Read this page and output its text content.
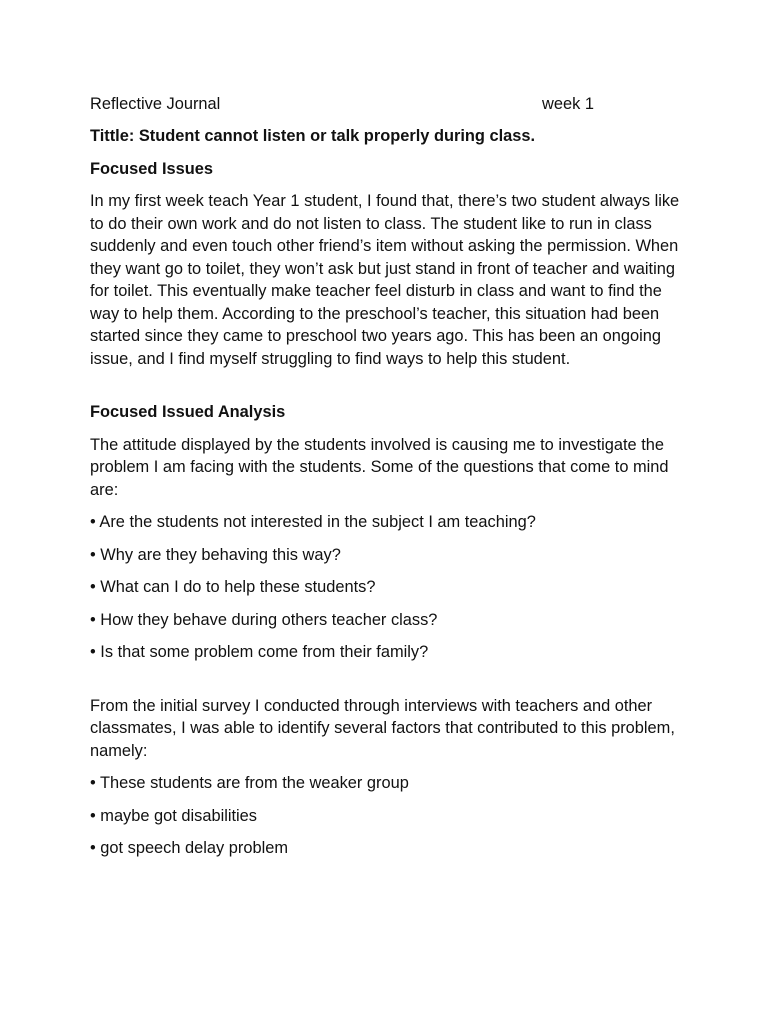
Reflective Journal	week 1
Tittle: Student cannot listen or talk properly during class.
Focused Issues

In my first week teach Year 1 student, I found that, there’s two student always like to do their own work and do not listen to class. The student like to run in class suddenly and even touch other friend’s item without asking the permission. When they want go to toilet, they won’t ask but just stand in front of teacher and waiting for toilet. This eventually make teacher feel disturb in class and want to find the way to help them. According to the preschool’s teacher, this situation had been started since they came to preschool two years ago. This has been an ongoing issue, and I find myself struggling to find ways to help this student.

Focused Issued Analysis

The attitude displayed by the students involved is causing me to investigate the problem I am facing with the students. Some of the questions that come to mind are:

• Are the students not interested in the subject I am teaching?
• Why are they behaving this way?
• What can I do to help these students?
• How they behave during others teacher class?
• Is that some problem come from their family?

From the initial survey I conducted through interviews with teachers and other classmates, I was able to identify several factors that contributed to this problem, namely:

• These students are from the weaker group
• maybe got disabilities
• got speech delay problem
